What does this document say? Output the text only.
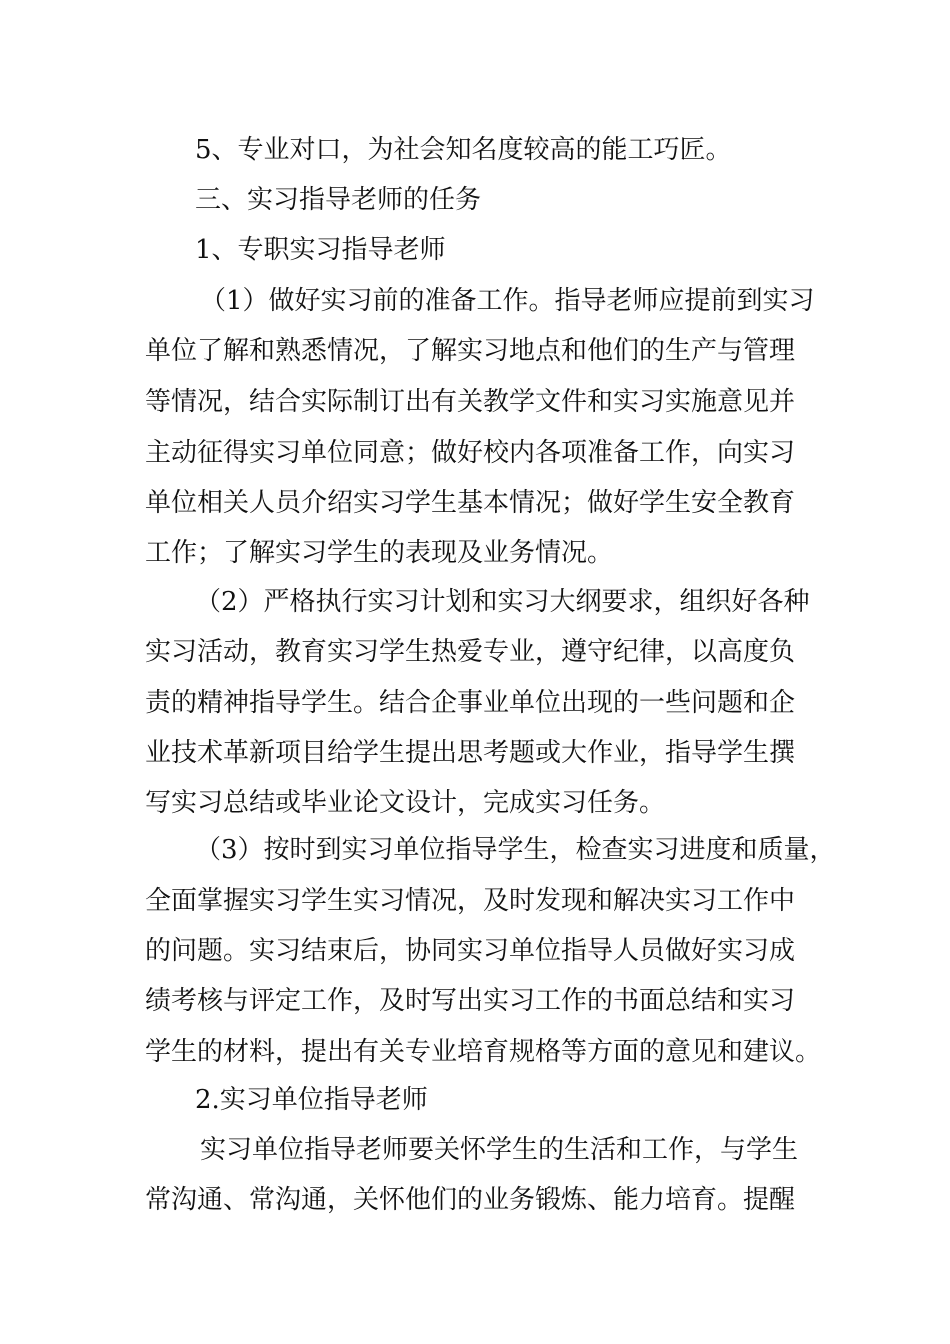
5、专业对口，为社会知名度较高的能工巧匠。
三、实习指导老师的任务
1、专职实习指导老师
（1）做好实习前的准备工作。指导老师应提前到实习
单位了解和熟悉情况，了解实习地点和他们的生产与管理
等情况，结合实际制订出有关教学文件和实习实施意见并
主动征得实习单位同意；做好校内各项准备工作，向实习
单位相关人员介绍实习学生基本情况；做好学生安全教育
工作；了解实习学生的表现及业务情况。
（2）严格执行实习计划和实习大纲要求，组织好各种
实习活动，教育实习学生热爱专业，遵守纪律，以高度负
责的精神指导学生。结合企事业单位出现的一些问题和企
业技术革新项目给学生提出思考题或大作业，指导学生撰
写实习总结或毕业论文设计，完成实习任务。
（3）按时到实习单位指导学生，检查实习进度和质量，
全面掌握实习学生实习情况，及时发现和解决实习工作中
的问题。实习结束后，协同实习单位指导人员做好实习成
绩考核与评定工作，及时写出实习工作的书面总结和实习
学生的材料，提出有关专业培育规格等方面的意见和建议。
2.实习单位指导老师
实习单位指导老师要关怀学生的生活和工作，与学生
常沟通、常沟通，关怀他们的业务锻炼、能力培育。提醒
